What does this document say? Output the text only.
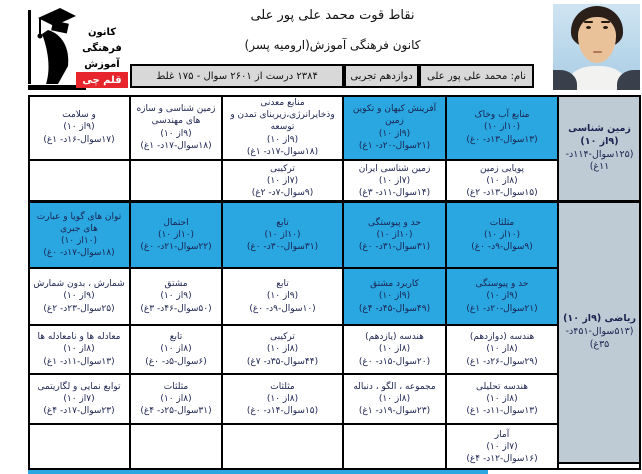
نقاط قوت محمد علی پور علی
کانون فرهنگی آموزش(ارومیه پسر)
نام: محمد علی پور علی
دوازدهم تجربی
۲۳۸۴ درست از ۲۶۰۱ سوال - ۱۷۵ غلط
کانون
فرهنگی
آموزش
قلم چی
زمین شناسی (۹از ۱۰)
(۱۲۵سوال-۱۱۴د- ۱۱غ)
ریاضی (۹از ۱۰)
(۵۱۳سوال-۴۵۱د- ۳۵غ)
منابع آب وخاک
(۱۰از ۱۰)
(۱۳سوال-۱۳د- ۰غ)
آفرینش کیهان و تکوین زمین
(۹از ۱۰)
(۲۱سوال-۲۰د- ۱غ)
منابع معدنی وذخایرانرژی،زیربنای تمدن و توسعه
(۹از ۱۰)
(۱۸سوال-۱۷د- ۱غ)
زمین شناسی و سازه های مهندسی
(۹از ۱۰)
(۱۸سوال-۱۷د- ۱غ)
و سلامت
(۹از ۱۰)
(۱۷سوال-۱۶د- ۱غ)
پویایی زمین
(۸از ۱۰)
(۱۵سوال-۱۳د- ۲غ)
زمین شناسی ایران
(۷از ۱۰)
(۱۴سوال-۱۱د- ۳غ)
ترکیبی
(۷از ۱۰)
(۹سوال-۷د- ۲غ)
مثلثات
(۱۰از ۱۰)
(۹سوال-۹د- ۰غ)
حد و پیوستگی
(۱۰از ۱۰)
(۳۱سوال-۳۱د- ۰غ)
تابع
(۱۰از ۱۰)
(۳۱سوال-۳۰د- ۰غ)
احتمال
(۱۰از ۱۰)
(۲۲سوال-۲۱د- ۰غ)
توان های گویا و عبارت های جبری
(۱۰از ۱۰)
(۱۸سوال-۱۷د- ۰غ)
حد و پیوستگی
(۹از ۱۰)
(۲۱سوال-۲۰د- ۱غ)
کاربرد مشتق
(۹از ۱۰)
(۴۹سوال-۴۵د- ۴غ)
تابع
(۹از ۱۰)
(۱۰سوال-۹د- ۰غ)
مشتق
(۹از ۱۰)
(۵۰سوال-۴۶د- ۳غ)
شمارش ، بدون شمارش
(۹از ۱۰)
(۲۵سوال-۲۳د- ۲غ)
هندسه (دوازدهم)
(۸از ۱۰)
(۲۹سوال-۲۶د- ۱غ)
هندسه (یازدهم)
(۸از ۱۰)
(۲۰سوال-۱۵د- ۰غ)
ترکیبی
(۸از ۱۰)
(۴۴سوال-۳۵د- ۷غ)
تابع
(۸از ۱۰)
(۶سوال-۵د- ۰غ)
معادله ها و نامعادله ها
(۸از ۱۰)
(۱۳سوال-۱۱د- ۱غ)
هندسه تحلیلی
(۸از ۱۰)
(۱۳سوال-۱۱د- ۱غ)
مجموعه ، الگو ، دنباله
(۸از ۱۰)
(۲۳سوال-۱۹د- ۱غ)
مثلثات
(۸از ۱۰)
(۱۵سوال-۱۴د- ۰غ)
مثلثات
(۸از ۱۰)
(۳۱سوال-۲۵د- ۴غ)
توابع نمایی و لگاریتمی
(۷از ۱۰)
(۲۳سوال-۱۷د- ۴غ)
آمار
(۷از ۱۰)
(۱۶سوال-۱۲د- ۴غ)
